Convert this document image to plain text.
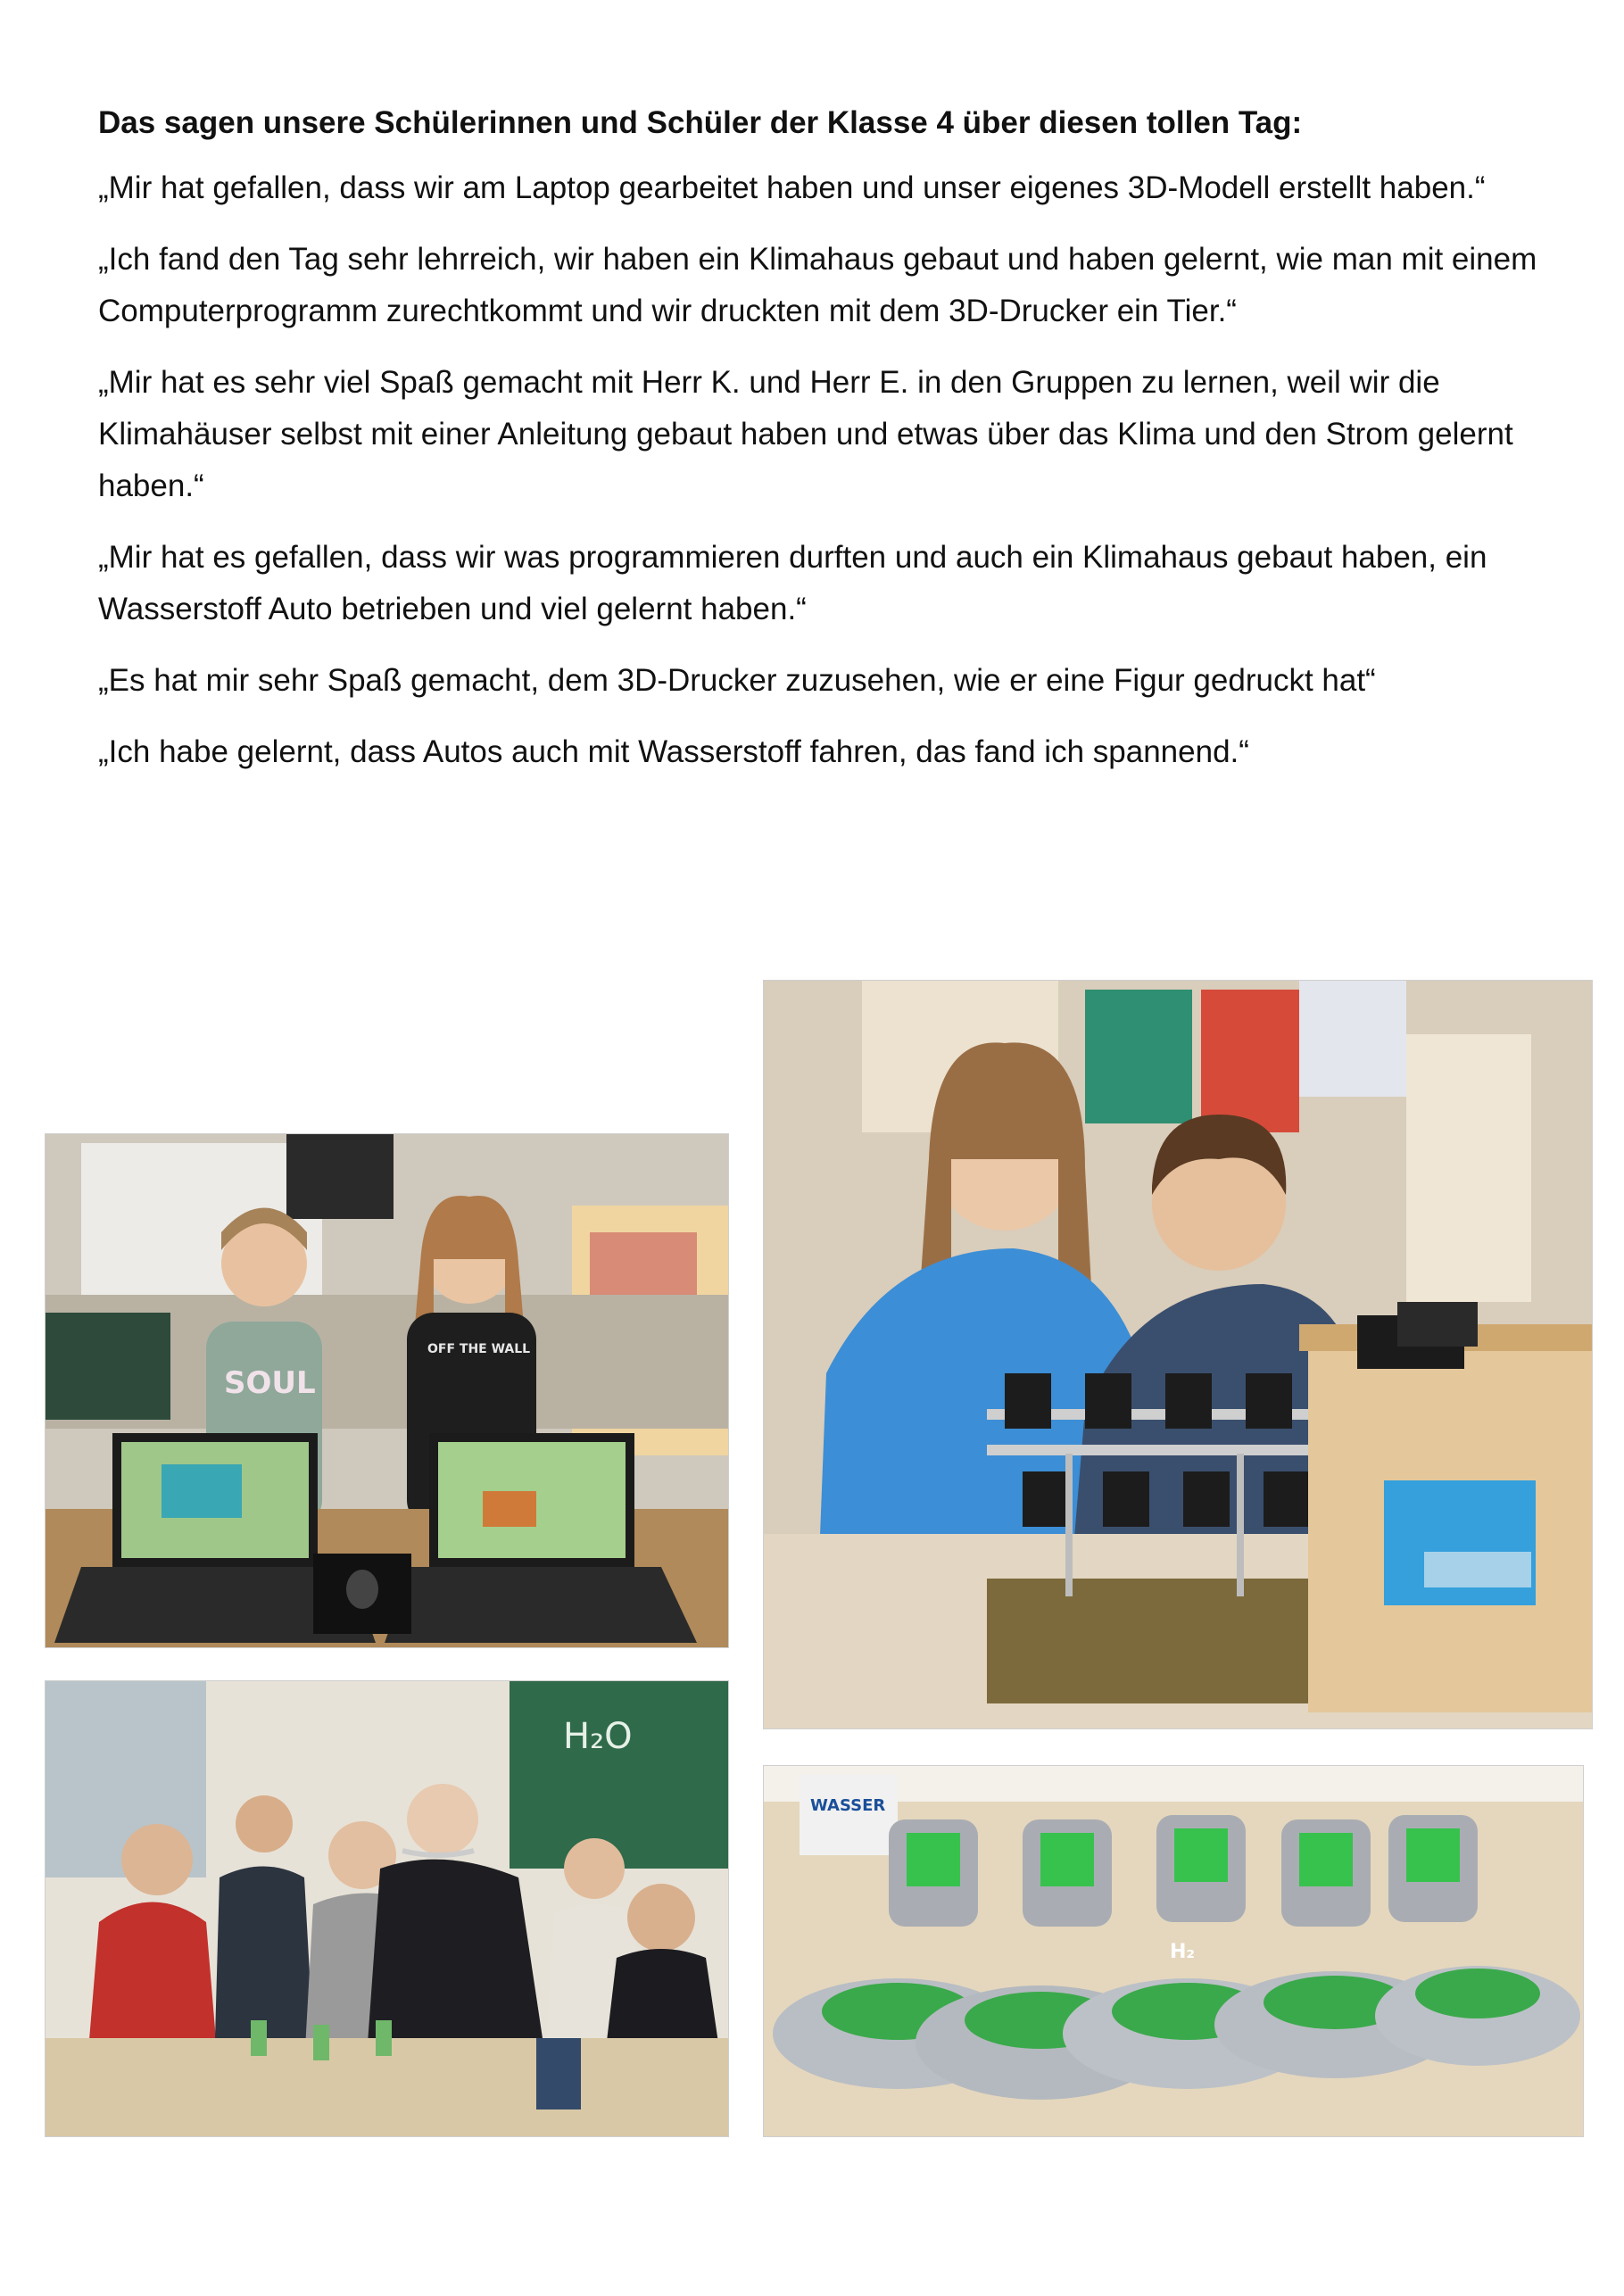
Das sagen unsere Schülerinnen und Schüler der Klasse 4 über diesen tollen Tag:

„Mir hat gefallen, dass wir am Laptop gearbeitet haben und unser eigenes 3D-Modell erstellt haben.“

„Ich fand den Tag sehr lehrreich, wir haben ein Klimahaus gebaut und haben gelernt, wie man mit einem Computerprogramm zurechtkommt und wir druckten mit dem 3D-Drucker ein Tier.“

„Mir hat es sehr viel Spaß gemacht mit Herr K. und Herr E. in den Gruppen zu lernen, weil wir die Klimahäuser selbst mit einer Anleitung gebaut haben und etwas über das Klima und den Strom gelernt haben.“

„Mir hat es gefallen, dass wir was programmieren durften und auch ein Klimahaus gebaut haben, ein Wasserstoff Auto betrieben und viel gelernt haben.“

„Es hat mir sehr Spaß gemacht, dem 3D-Drucker zuzusehen, wie er eine Figur gedruckt hat“

„Ich habe gelernt, dass Autos auch mit Wasserstoff fahren, das fand ich spannend.“

SOUL
OFF THE WALL
H₂O
WASSER
H₂
